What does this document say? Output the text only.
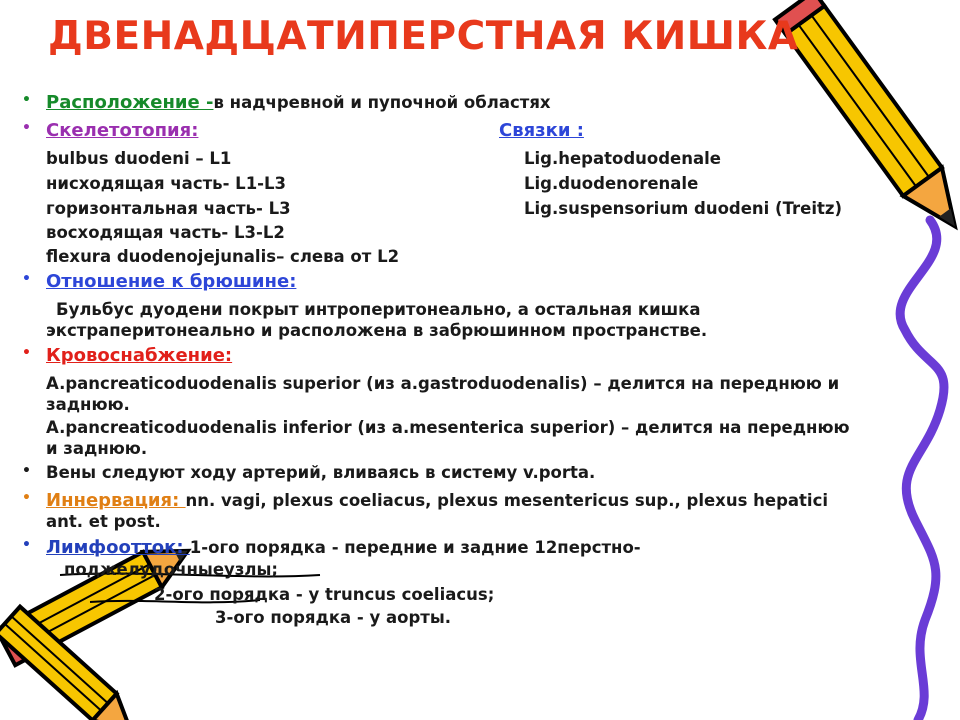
ДВЕНАДЦАТИПЕРСТНАЯ КИШКА
• Расположение -в надчревной и пупочной областях
• Скелетотопия:
bulbus duodeni – L1
нисходящая часть- L1-L3
горизонтальная часть- L3
восходящая часть- L3-L2
flexura duodenojejunalis– слева от L2
Связки :
Lig.hepatoduodenale
Lig.duodenorenale
Lig.suspensorium duodeni (Treitz)
• Отношение к брюшине:
Бульбус дуодени покрыт интроперитонеально, а остальная кишка
экстраперитонеально и расположена в забрюшинном пространстве.
• Кровоснабжение:
A.pancreaticoduodenalis superior (из a.gastroduodenalis) – делится на переднюю и
заднюю.
A.pancreaticoduodenalis inferior (из a.mesenterica superior) – делится на переднюю
и заднюю.
• Вены следуют ходу артерий, вливаясь в систему v.porta.
• Иннервация: nn. vagi, plexus coeliacus, plexus mesentericus sup., plexus hepatici
ant. et post.
• Лимфоотток: 1-ого порядка - передние и задние 12перстно-
поджелудочныеузлы;
2-ого порядка - у truncus coeliacus;
3-ого порядка - у аорты.
